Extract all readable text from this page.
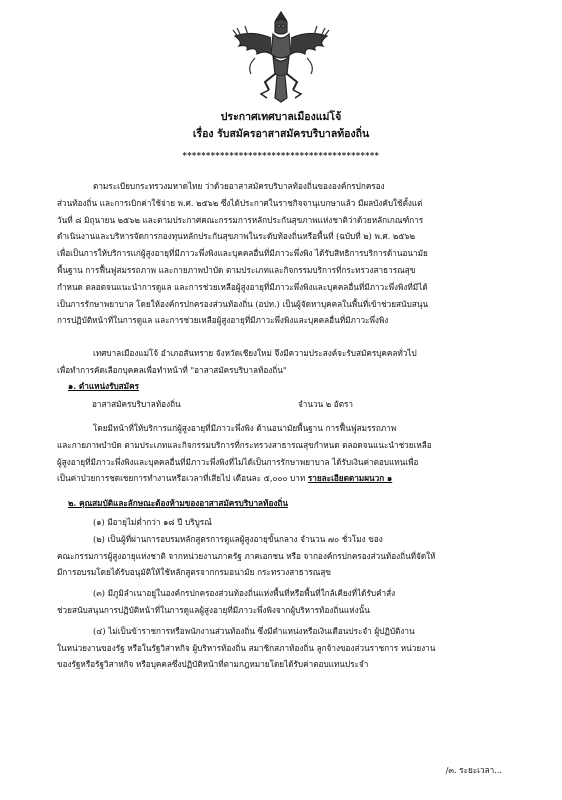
ประกาศเทศบาลเมืองแม่โจ้
เรื่อง รับสมัครอาสาสมัครบริบาลท้องถิ่น
******************************************
ตามระเบียบกระทรวงมหาดไทย ว่าด้วยอาสาสมัครบริบาลท้องถิ่นขององค์กรปกครอง
ส่วนท้องถิ่น และการเบิกค่าใช้จ่าย พ.ศ. ๒๕๖๒ ซึ่งได้ประกาศในราชกิจจานุเบกษาแล้ว มีผลบังคับใช้ตั้งแต่
วันที่ ๘ มิถุนายน ๒๕๖๒ และตามประกาศคณะกรรมการหลักประกันสุขภาพแห่งชาติว่าด้วยหลักเกณฑ์การ
ดำเนินงานและบริหารจัดการกองทุนหลักประกันสุขภาพในระดับท้องถิ่นหรือพื้นที่ (ฉบับที่ ๒) พ.ศ. ๒๕๖๒
เพื่อเป็นการให้บริการแก่ผู้สูงอายุที่มีภาวะพึ่งพิงและบุคคลอื่นที่มีภาวะพึ่งพิง ได้รับสิทธิการบริการด้านอนามัย
พื้นฐาน การฟื้นฟูสมรรถภาพ และกายภาพบำบัด ตามประเภทและกิจกรรมบริการที่กระทรวงสาธารณสุข
กำหนด ตลอดจนแนะนำการดูแล และการช่วยเหลือผู้สูงอายุที่มีภาวะพึ่งพิงและบุคคลอื่นที่มีภาวะพึ่งพิงที่มีได้
เป็นการรักษาพยาบาล โดยให้องค์กรปกครองส่วนท้องถิ่น (อปท.) เป็นผู้จัดหาบุคคลในพื้นที่เข้าช่วยสนับสนุน
การปฏิบัติหน้าที่ในการดูแล และการช่วยเหลือผู้สูงอายุที่มีภาวะพึ่งพิงและบุคคลอื่นที่มีภาวะพึ่งพิง
เทศบาลเมืองแม่โจ้ อำเภอสันทราย จังหวัดเชียงใหม่ จึงมีความประสงค์จะรับสมัครบุคคลทั่วไป
เพื่อทำการคัดเลือกบุคคลเพื่อทำหน้าที่ "อาสาสมัครบริบาลท้องถิ่น"
๑. ตำแหน่งรับสมัคร
อาสาสมัครบริบาลท้องถิ่น	จำนวน ๒ อัตรา
โดยมีหน้าที่ให้บริการแก่ผู้สูงอายุที่มีภาวะพึ่งพิง ด้านอนามัยพื้นฐาน การฟื้นฟูสมรรถภาพ
และกายภาพบำบัด ตามประเภทและกิจกรรมบริการที่กระทรวงสาธารณสุขกำหนด ตลอดจนแนะนำช่วยเหลือ
ผู้สูงอายุที่มีภาวะพึ่งพิงและบุคคลอื่นที่มีภาวะพึ่งพิงที่ไม่ได้เป็นการรักษาพยาบาล ได้รับเงินค่าตอบแทนเพื่อ
เป็นค่าป่วยการชดเชยการทำงานหรือเวลาที่เสียไป เดือนละ ๕,๐๐๐ บาท รายละเอียดตามผนวก ๑
๒. คุณสมบัติและลักษณะต้องห้ามของอาสาสมัครบริบาลท้องถิ่น
(๑) มีอายุไม่ต่ำกว่า ๑๘ ปี บริบูรณ์
(๒) เป็นผู้ที่ผ่านการอบรมหลักสูตรการดูแลผู้สูงอายุขั้นกลาง จำนวน ๗๐ ชั่วโมง ของ
คณะกรรมการผู้สูงอายุแห่งชาติ จากหน่วยงานภาครัฐ ภาคเอกชน หรือ จากองค์กรปกครองส่วนท้องถิ่นที่จัดให้
มีการอบรมโดยได้รับอนุมัติให้ใช้หลักสูตรจากกรมอนามัย กระทรวงสาธารณสุข
(๓) มีภูมิลำเนาอยู่ในองค์กรปกครองส่วนท้องถิ่นแห่งพื้นที่หรือพื้นที่ใกล้เคียงที่ได้รับคำสั่ง
ช่วยสนับสนุนการปฏิบัติหน้าที่ในการดูแลผู้สูงอายุที่มีภาวะพึ่งพิงจากผู้บริหารท้องถิ่นแห่งนั้น
(๔) ไม่เป็นข้าราชการหรือพนักงานส่วนท้องถิ่น ซึ่งมีตำแหน่งหรือเงินเดือนประจำ ผู้ปฏิบัติงาน
ในหน่วยงานของรัฐ หรือในรัฐวิสาหกิจ ผู้บริหารท้องถิ่น สมาชิกสภาท้องถิ่น ลูกจ้างของส่วนราชการ หน่วยงาน
ของรัฐหรือรัฐวิสาหกิจ หรือบุคคลซึ่งปฏิบัติหน้าที่ตามกฎหมายโดยได้รับค่าตอบแทนประจำ
/๓. ระยะเวลา...
